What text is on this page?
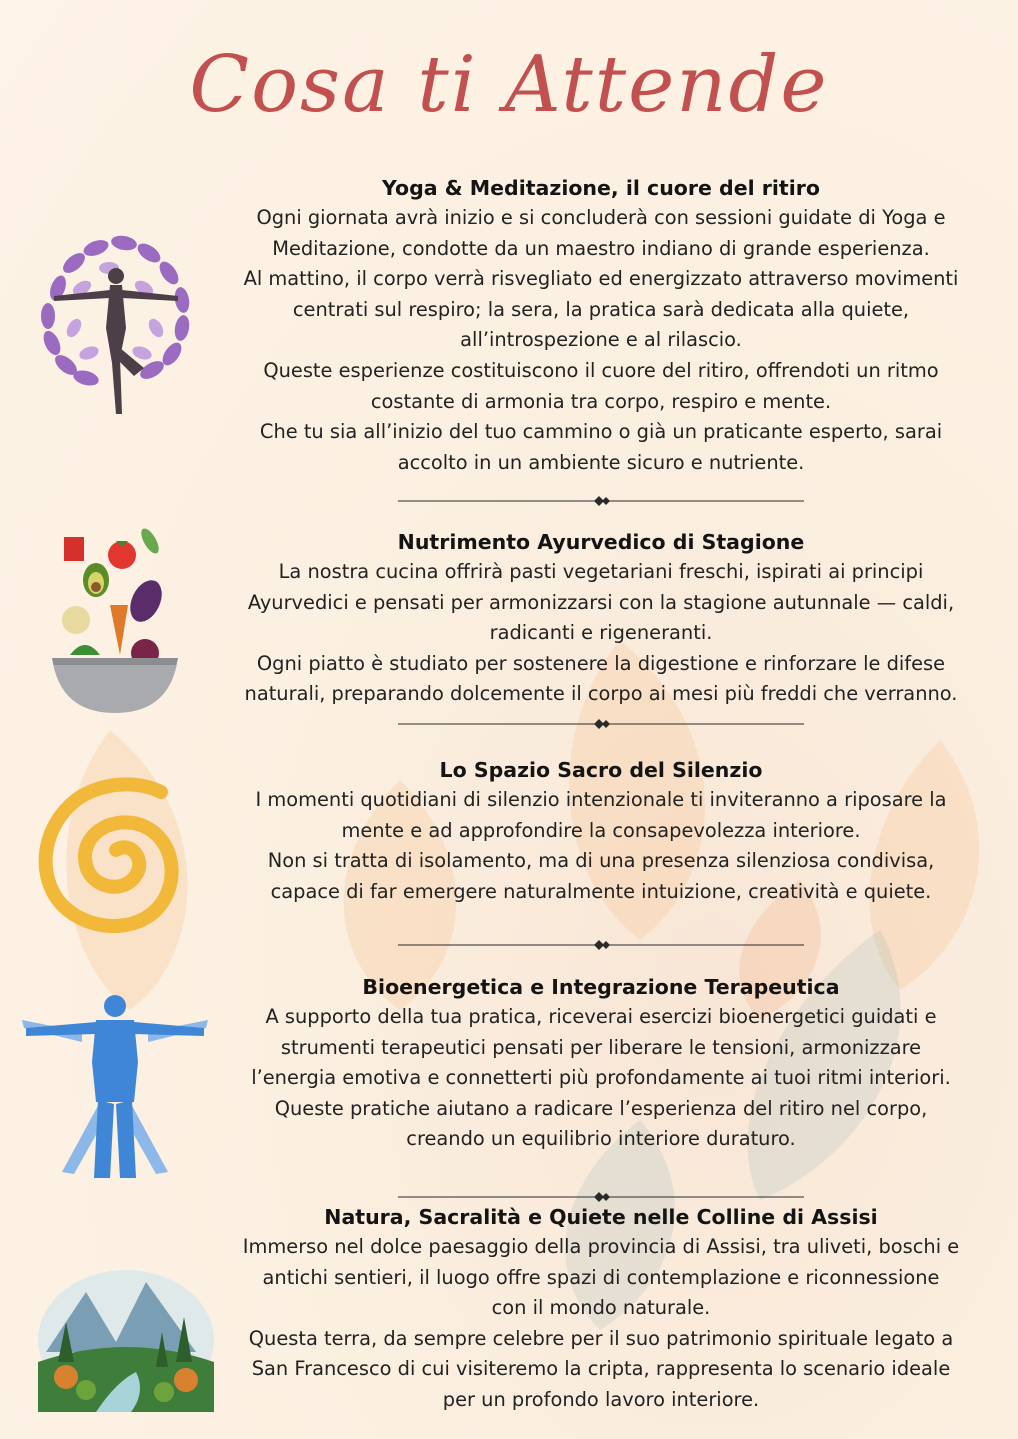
Cosa ti Attende
Yoga & Meditazione, il cuore del ritiro

Ogni giornata avrà inizio e si concluderà con sessioni guidate di Yoga e

Meditazione, condotte da un maestro indiano di grande esperienza.

Al mattino, il corpo verrà risvegliato ed energizzato attraverso movimenti

centrati sul respiro; la sera, la pratica sarà dedicata alla quiete,

all’introspezione e al rilascio.

Queste esperienze costituiscono il cuore del ritiro, offrendoti un ritmo

costante di armonia tra corpo, respiro e mente.

Che tu sia all’inizio del tuo cammino o già un praticante esperto, sarai

accolto in un ambiente sicuro e nutriente.

Nutrimento Ayurvedico di Stagione

La nostra cucina offrirà pasti vegetariani freschi, ispirati ai principi

Ayurvedici e pensati per armonizzarsi con la stagione autunnale — caldi,

radicanti e rigeneranti.

Ogni piatto è studiato per sostenere la digestione e rinforzare le difese

naturali, preparando dolcemente il corpo ai mesi più freddi che verranno.

Lo Spazio Sacro del Silenzio

I momenti quotidiani di silenzio intenzionale ti inviteranno a riposare la

mente e ad approfondire la consapevolezza interiore.

Non si tratta di isolamento, ma di una presenza silenziosa condivisa,

capace di far emergere naturalmente intuizione, creatività e quiete.

Bioenergetica e Integrazione Terapeutica

A supporto della tua pratica, riceverai esercizi bioenergetici guidati e

strumenti terapeutici pensati per liberare le tensioni, armonizzare

l’energia emotiva e connetterti più profondamente ai tuoi ritmi interiori.

Queste pratiche aiutano a radicare l’esperienza del ritiro nel corpo,

creando un equilibrio interiore duraturo.

Natura, Sacralità e Quiete nelle Colline di Assisi

Immerso nel dolce paesaggio della provincia di Assisi, tra uliveti, boschi e

antichi sentieri, il luogo offre spazi di contemplazione e riconnessione

con il mondo naturale.

Questa terra, da sempre celebre per il suo patrimonio spirituale legato a

San Francesco di cui visiteremo la cripta, rappresenta lo scenario ideale

per un profondo lavoro interiore.
